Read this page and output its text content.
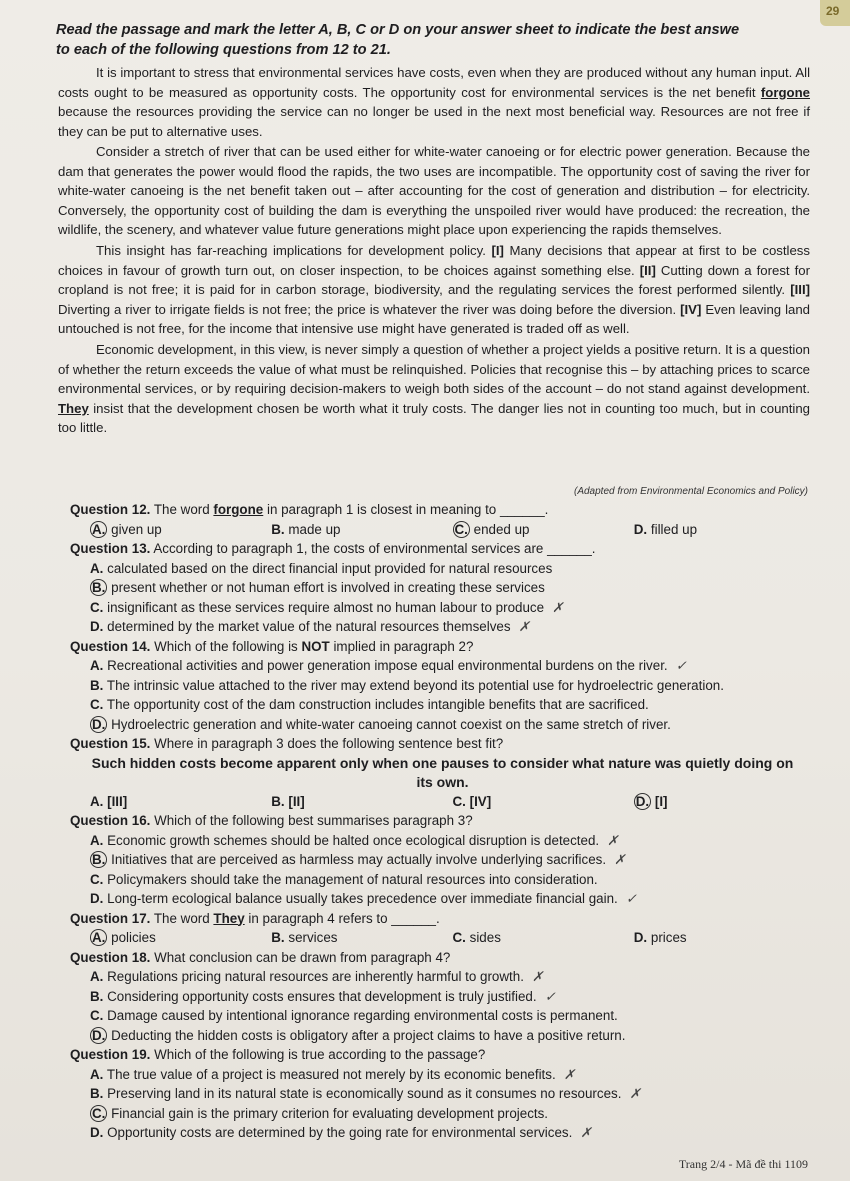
29
Read the passage and mark the letter A, B, C or D on your answer sheet to indicate the best answe
to each of the following questions from 12 to 21.

It is important to stress that environmental services have costs, even when they are produced without any human input. All costs ought to be measured as opportunity costs. The opportunity cost for environmental services is the net benefit forgone because the resources providing the service can no longer be used in the next most beneficial way. Resources are not free if they can be put to alternative uses.

Consider a stretch of river that can be used either for white-water canoeing or for electric power generation. Because the dam that generates the power would flood the rapids, the two uses are incompatible. The opportunity cost of saving the river for white-water canoeing is the net benefit taken out – after accounting for the cost of generation and distribution – for electricity. Conversely, the opportunity cost of building the dam is everything the unspoiled river would have produced: the recreation, the wildlife, the scenery, and whatever value future generations might place upon experiencing the rapids themselves.

This insight has far-reaching implications for development policy. [I] Many decisions that appear at first to be costless choices in favour of growth turn out, on closer inspection, to be choices against something else. [II] Cutting down a forest for cropland is not free; it is paid for in carbon storage, biodiversity, and the regulating services the forest performed silently. [III] Diverting a river to irrigate fields is not free; the price is whatever the river was doing before the diversion. [IV] Even leaving land untouched is not free, for the income that intensive use might have generated is traded off as well.

Economic development, in this view, is never simply a question of whether a project yields a positive return. It is a question of whether the return exceeds the value of what must be relinquished. Policies that recognise this – by attaching prices to scarce environmental services, or by requiring decision-makers to weigh both sides of the account – do not stand against development. They insist that the development chosen be worth what it truly costs. The danger lies not in counting too much, but in counting too little.

(Adapted from Environmental Economics and Policy)
Question 12. The word forgone in paragraph 1 is closest in meaning to ______.
A. given up	B. made up	C. ended up	D. filled up
Question 13. According to paragraph 1, the costs of environmental services are ______.
A. calculated based on the direct financial input provided for natural resources
B. present whether or not human effort is involved in creating these services
C. insignificant as these services require almost no human labour to produce ✗
D. determined by the market value of the natural resources themselves ✗
Question 14. Which of the following is NOT implied in paragraph 2?
A. Recreational activities and power generation impose equal environmental burdens on the river. ✓
B. The intrinsic value attached to the river may extend beyond its potential use for hydroelectric generation.
C. The opportunity cost of the dam construction includes intangible benefits that are sacrificed.
D. Hydroelectric generation and white-water canoeing cannot coexist on the same stretch of river.
Question 15. Where in paragraph 3 does the following sentence best fit?
Such hidden costs become apparent only when one pauses to consider what nature was quietly doing on its own.
A. [III]	B. [II]	C. [IV]	D. [I]
Question 16. Which of the following best summarises paragraph 3?
A. Economic growth schemes should be halted once ecological disruption is detected. ✗
B. Initiatives that are perceived as harmless may actually involve underlying sacrifices. ✗
C. Policymakers should take the management of natural resources into consideration.
D. Long-term ecological balance usually takes precedence over immediate financial gain. ✓
Question 17. The word They in paragraph 4 refers to ______.
A. policies	B. services	C. sides	D. prices
Question 18. What conclusion can be drawn from paragraph 4?
A. Regulations pricing natural resources are inherently harmful to growth. ✗
B. Considering opportunity costs ensures that development is truly justified. ✓
C. Damage caused by intentional ignorance regarding environmental costs is permanent.
D. Deducting the hidden costs is obligatory after a project claims to have a positive return.
Question 19. Which of the following is true according to the passage?
A. The true value of a project is measured not merely by its economic benefits. ✗
B. Preserving land in its natural state is economically sound as it consumes no resources. ✗
C. Financial gain is the primary criterion for evaluating development projects.
D. Opportunity costs are determined by the going rate for environmental services. ✗
Trang 2/4 - Mã đề thi 1109
